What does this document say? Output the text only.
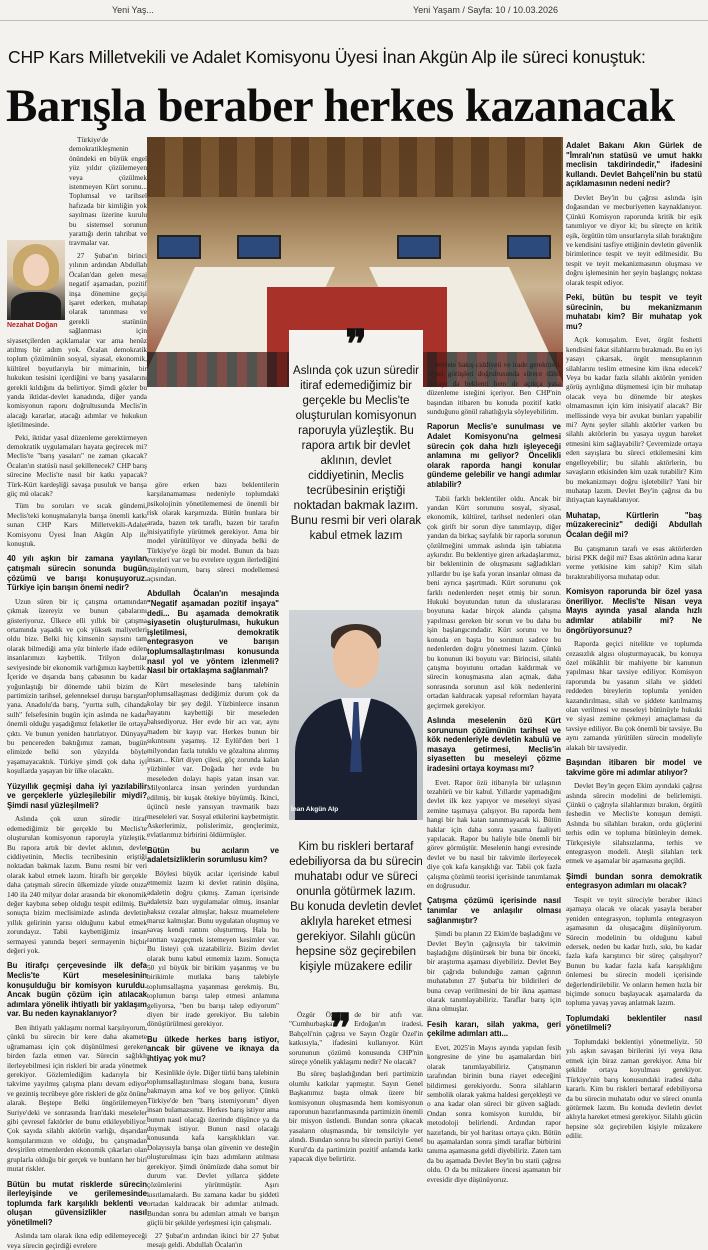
Yeni Yaş...	Yeni Yaşam / Sayfa: 10 / 10.03.2026
CHP Kars Milletvekili ve Adalet Komisyonu Üyesi İnan Akgün Alp ile süreci konuştuk:
Barışla beraber herkes kazanacak
Nezahat Doğan

Türkiye'de demokratikleşmenin önündeki en büyük engel yüz yıldır çözülemeyen veya çözülmek istenmeyen Kürt sorunu... Toplumsal ve tarihsel hafızada bir kimliğin yok sayılması üzerine kurulu bu sistemsel sorunun yarattığı derin tahribat ve travmalar var.

27 Şubat'ın birinci yılının ardından Abdullah Öcalan'dan gelen mesaj negatif aşamadan, pozitif inşa dönemine geçişi işaret ederken, muhatap olarak tanınması ve gerekli statünün sağlanması için siyasetçilerden açıklamalar var ama henüz atılmış bir adım yok. Öcalan demokratik toplum çözümünün sosyal, siyasal, ekonomik, kültürel boyutlarıyla bir mimarinin, bir hukukun tesisini içerdiğini ve barış yasalarını gerekli kıldığını da belirtiyor. Şimdi gözler bu yanda iktidar-devlet kanadında, diğer yanda komisyonun raporu doğrultusunda Meclis'in alacağı kararlar, atacağı adımlar ve hukukun işletilmesinde.

Peki, iktidar yasal düzenleme gerektirmeyen demokratik uygulamaları hayata geçirecek mi? Meclis'te "barış yasaları" ne zaman çıkacak? Öcalan'ın statüsü nasıl şekillenecek? CHP barış sürecine Meclis'te nasıl bir katkı yapacak? Türk-Kürt kardeşliği savaşa pusuluk ve barışa güç mü olacak?

Tüm bu soruları ve sıcak gündemi, Meclis'teki konuşmalarıyla barışa önemli katkı sunan CHP Kars Milletvekili-Adalet Komisyonu Üyesi İnan Akgün Alp ile konuştuk.

40 yılı aşkın bir zamana yayılan çatışmalı sürecin sonunda bugün çözümü ve barışı konuşuyoruz. Türkiye için barışın önemi nedir?

Uzun süren bir iç çatışma ortamından çıkmak üzereyiz ve bunun çabalarını gösteriyoruz. Ülkece elli yıllık bir çatışma ortamında yaşadık ve çok yüksek maliyetleri oldu bize. Belki hiç kimsenin sayısını tam olarak bilmediği ama yüz binlerle ifade edilen insanlarımızı kaybettik. Trilyon dolar seviyesinde bir ekonomik varlığımızı kaybettik. İçeride ve dışarıda barış çabasının bu kadar yoğunlaştığı bir dönemde tabii bizim de partimizin tarihsel, gelenneksel duruşu barıştan yana. Anadolu'da barış, "yurtta sulh, cihanda sulh" felsefesinin bugün için aslında ne kadar önemli olduğu yaşadığımız felaketler ile ortaya çıktı. Ve bunun yeniden hatırlatıyor. Dünyaya bu pencereden baktığımız zaman, bugün elimizde belki son yüzyılda böyle yaşamayacaktık. Türkiye şimdi çok daha iyi koşullarda yaşayan bir ülke olacaktı.

Yüzyıllık geçmişi daha iyi yazılabilir ve gerçeklerle yüzleşilebilir miydi? Şimdi nasıl yüzleşilmeli?

Aslında çok uzun süredir itiraf edemediğimiz bir gerçekle bu Meclis'te oluşturulan komisyonun raporuyla yüzleştik. Bu rapora artık bir devlet aklının, devlet ciddiyetinin, Meclis tecrübesinin eriştiği noktadan bakmak lazım. Bunu resmi bir veri olarak kabul etmek lazım. İtiraflı bir gerçekle daha çatışmalı sürecin ülkemizde yüzde otuza 140 ila 240 milyar dolar arasında bir ekonomik değer kaybına sebep olduğu tespit edilmiş. Bu sonuçta bizim meclisimizde aslında devletin yıllık gelirinin yarısı olduğunu kabul etmek zorundayız. Tabii kaybettiğimiz insan sermayesi yanında beşeri sermayenin hiçbir değeri yok.

Bu itirafçı çerçevesinde ilk defa Meclis'te Kürt meselesinin konuşulduğu bir komisyon kuruldu. Ancak bugün çözüm için atılacak adımlara yönelik ihtiyatlı bir yaklaşım var. Bu neden kaynaklanıyor?

Ben ihtiyatlı yaklaşımı normal karşılıyorum, çünkü bu sürecin bir kere daha akamete uğramaması için çok düşünülmesi gereken birden fazla etmen var. Sürecin sağlıklı ilerleyebilmesi için riskleri bir arada yönetmek gerekiyor. Gözlemlediğim kadarıyla bir takvime yayılmış çalışma planı devam ediyor ve gezintiş tecrübeye göre riskleri de göz önüne alarak. Beştepe Belki öngörülemeyen Suriye'deki ve sonrasında İran'daki meseleler gibi çevresel faktörler de bunu etkileyebiliyor. Çok sayıda silahlı aktörün varlığı, dışarıdan komşularımızın ve olduğu, bu çatışmadan devşirilen etmenlerden ekonomik çıkarları olan gruplarla olduğu bir gerçek ve bunların her biri mutat riskler.

Bütün bu mutat risklerde sürecin ilerleyişinde ve gerilemesinde toplumda fark karşılıklı beklenti ve oluşan güvensizlikler nasıl yönetilmeli?

Aslında tam olarak ikna edip edilemeyeceği veya sürecin geçirdiği evrelere

göre erken bazı beklentilerin karşılanamaması nedeniyle toplumdaki psikolojinin yönetilememesi de önemli bir risk olarak karşımızda. Bütün bunlara bir arada, bazen tek taraflı, bazen bir tarafın inisiyatifiyle yürütmek gerekiyor. Ama bir model yürütülüyor ve dünyada belki de Türkiye'ye özgü bir model. Bunun da bazı evreleri var ve bu evrelere uygun ilerlediğini düşünüyorum, barış süreci modellemesi açısından.

Abdullah Öcalan'ın mesajında "Negatif aşamadan pozitif inşaya" dedi... Bu aşamada demokratik siyasetin oluşturulması, hukukun işletilmesi, demokratik entegrasyon ve barışın toplumsallaştırılması konusunda nasıl yol ve yöntem izlenmeli? Nasıl bir ortaklaşma sağlanmalı?

Kürt meselesinde barış talebinin toplumsallaşması dediğimiz durum çok da kolay bir şey değil. Yüzbinlerce insanın hayatını kaybettiği bir meseleden bahsediyoruz. Her evde bir acı var, aynı madem bir kayıp var. Herkes bunun bir sıkıntısını yaşamış. 12 Eylül'den beri 1 milyondan fazla tutuklu ve gözaltına alınmış insan... Kürt diyen çilesi, göç zorunda kalan yüzbinler var. Doğada her evde bu meseleden dolayı hapis yatan insan var. Milyonlarca insan yerinden yurdundan edilmiş, bir kuşak ötekiye büyümüş. İkinci, üçüncü nesle yansıyan travmatik bazı meseleleri var. Sosyal etkilerini kaybetmiştir. Askerlerimiz, polislerimiz, gençlerimiz, evlatlarımız birbirini öldürmüşler.

Bütün bu acıların ve adaletsizliklerin sorumlusu kim?

Böylesi büyük acılar içerisinde kabul etmemiz lazım ki devlet ratinin düşüna, adaletin doğru çıkmış. Zaman içerisinde adaletsiz bazı uygulamalar olmuş, insanlar haksız cezalar almışlar, haksız muamelelere maruz kalmışlar. Bunu uygulatan oluşmuş ve savaş kendi rantını oluşturmuş. Hala bu ranttan vazgeçmek istemeyen kesimler var. Bu listeyi çok uzatabiliriz. Bizim devlet olarak bunu kabul etmemiz lazım. Sonuçta 50 yıl büyük bir birikim yaşanmış ve bu birikimle mutlaka barış talebiyle toplumsallaşma yaşanması gerekmiş. Bu, toplumun barışı talep etmesi anlamına geliyorsa, "ben bu barışı talep ediyorum" diyen bir irade gerekiyor. Bu talebin dönüştürülmesi gerekiyor.

Bu ülkede herkes barış istiyor, ancak bir güvene ve iknaya da ihtiyaç yok mu?

Kesinlikle öyle. Diğer türlü barış talebinin toplumsallaştırılması sloganı bana, kusura bakmayın ama kof ve boş geliyor. Çünkü Türkiye'de ben "barış istemiyorum" diyen insan bulamazsınız. Herkes barış istiyor ama bunun nasıl olacağı üzerinde düşünce ya da duymak istiyor. Bunun nasıl olacağı konusunda kafa karışıklıkları var. Dolayısıyla barışa olan güvenin ve desteğin oluşturulması için bazı adımların atılması gerekiyor. Şimdi önümüzde daha somut bir durum var. Devlet yıllarca şiddete çözümlerini yürütmüştür. Aşırı kısıtlamalardı. Bu zamana kadar bu şiddeti ortadan kaldıracak bir adımlar atılmadı. Bundan sonra bu adımları atmalı ve barışın güçlü bir şekilde yerleşmesi için çalışmalı.

27 Şubat'ın ardından ikinci bir 27 Şubat mesajı geldi. Abdullah Öcalan'ın

❞
Aslında çok uzun süredir itiraf edemediğimiz bir gerçekle bu Meclis'te oluşturulan komisyonun raporuyla yüzleştik. Bu rapora artık bir devlet aklının, devlet ciddiyetinin, Meclis tecrübesinin eriştiği noktadan bakmak lazım. Bunu resmi bir veri olarak kabul etmek lazım
İnan Akgün Alp
Kim bu riskleri bertaraf edebiliyorsa da bu sürecin muhatabı odur ve süreci onunla götürmek lazım. Bu konuda devletin devlet aklıyla hareket etmesi gerekiyor. Silahlı gücün hepsine söz geçirebilen kişiyle müzakere edilir
❞

devlete bakış ciddiyeti ve irade gerektiren, siyasi görüşleri doğrultusunda sürece dâhil olmayı da beklenti hem de açıkça yasa düzenleme isteğini içeriyor. Ben CHP'nin başından itibaren bu konuda pozitif katkı sunduğunu gönül rahatlığıyla söyleyebilirim.

Raporun Meclis'e sunulması ve Adalet Komisyonu'na gelmesi sürecin çok daha hızlı işleyeceği anlamına mı geliyor? Öncelikli olarak raporda hangi konular gündeme gelebilir ve hangi adımlar atılabilir?

Tabii farklı beklentiler oldu. Ancak bir yandan Kürt sorununu sosyal, siyasal, ekonomik, kültürel, tarihsel nedenleri olan çok girift bir sorun diye tanımlayıp, diğer yandan da birkaç sayfalık bir raporla sorunun çözülmeğini ummak aslında işin tabiatına aykırıdır. Bu beklentiye giren arkadaşlarımız, bir beklentinin de oluşmasını sağladıkları yıllardır bu işe kafa yoran insanlar olması da beni ayrıca şaşırtmadı. Kürt sorununu çok farklı nedenlerden neşet etmiş bir sorun. Hukuki boyutundan tutun da uluslararası boyutuna kadar birçok alanda çalışma yapılması gereken bir sorun ve bu daha bu işin başlangıcındadır. Kürt sorunu ve bu konuda en başta bu sorunun sadece bu nedenlerden doğru yönetmesi lazım. Çünkü bu konunun iki boyutu var: Birincisi, silahlı çatışma boyutunu ortadan kaldırmak ve sürecin konuşmasına alan açmak, daha sonrasında sorunun asıl kök nedenlerini ortadan kaldıracak yapısal reformları hayata geçirmek gerekiyor.

Aslında meselenin özü Kürt sorununun çözümünün tarihsel ve kök nedenleriyle devletin kabulü ve masaya getirmesi, Meclis'in siyasetten bu meseleyi çözme iradesini ortaya koyması mı?

Evet. Rapor özü itibarıyla bir uzlaşının tezahürü ve bir kabul. Yıllardır yapmadığını devlet ilk kez yapıyor ve meseleyi siyasi zemine taşımaya çalışıyor. Bu raporda hem hangi bir hak katan tanınmayacak ki. Bütün haklar için daha sonra yasama faaliyeti yapılacak. Rapor bu haliyle bile önemli bir görev görmüştür. Meselenin hangi evresinde devlet ve bu nasıl bir takvimle ilerleyecek diye çok kafa karışıklığı var. Tabii çok fazla çalışma çözümü teorisi içerisinde tanımlamak en doğrusudur.

Çatışma çözümü içerisinde nasıl tanımlar ve anlaşılır olması sağlanmıştır?

Şimdi bu planın 22 Ekim'de başladığını ve Devlet Bey'in çağrısıyla bir takvimin başladığını düşünürsek bir buna bir önceki, bir araştırma aşaması diyebiliriz. Devlet Bey bir çağrıda bulunduğu zaman çağrının muhatabının 27 Şubat'ta bir bildirileri de buna cevap verilmesini de bir ikna aşaması olarak tanımlayabiliriz. Taraflar barış için ikna olmuşlar.

Fesih kararı, silah yakma, geri çekilme adımları attı...

Evet, 2025'in Mayıs ayında yapılan fesih kongresine de yine bu aşamalardan biri olarak tanımlayabiliriz. Çatışmanın tarafından birinin buna riayet edeceğini bildirmesi gerekiyordu. Sonra silahların sembolik olarak yakma haldesi gerçekleşti ve o ana kadar olan süreci bir güven sağladı. Ondan sonra komisyon kuruldu, bir metodoloji belirlendi. Ardından rapor hazırlandı, bir yol haritası ortaya çıktı. Bütün bu aşamalardan sonra şimdi taraflar birbirini tanıma aşamasına geldi diyebiliriz. Zaten tam da bu aşamada Devlet Bey'in bu statü çağrısı oldu. O da bu müzakere öncesi aşamanın bir evresidir diye düşünüyoruz.

Özgür Özel'e de bir atıfı var. "Cumhurbaşkanı Erdoğan'ın iradesi, Bahçeli'nin çağrısı ve Sayın Özgür Özel'in katkısıyla," ifadesini kullanıyor. Kürt sorununun çözümü konusunda CHP'nin süreçe yönelik yaklaşımı nedir? Ne olacak?

Bu süreç başladığından beri partimizin olumlu katkılar yapmıştır. Sayın Genel Başkanımız başta olmak üzere bir komisyonun oluşmasında hem komisyonun raporunun hazırlanmasında partimizin önemli bir misyon üstlendi. Bundan sonra çıkacak yasaların oluşmasında, bir temsilciyle yer alındı. Bundan sonra bu sürecin partiyi Genel Kurul'da da partimizin pozitif anlamda katkı yapacak diye belirtiriz.

Adalet Bakanı Akın Gürlek de "İmralı'nın statüsü ve umut hakkı meclisin takdirindedir," ifadesini kullandı. Devlet Bahçeli'nin bu statü açıklamasının nedeni nedir?

Devlet Bey'in bu çağrısı aslında işin doğasından ve mecburiyetten kaynaklanıyor. Çünkü Komisyon raporunda kritik bir eşik tanımlıyor ve diyor ki; bu süreçte en kritik eşik, örgütün tüm unsurlarıyla silah bıraktığını ve kendisini tasfiye ettiğinin devletin güvenlik birimlerince tespit ve teyit edilmesidir. Bu tespit ve teyit mekanizmasının oluşması ve doğru işlemesinin her şeyin başlangıç noktası olarak tespit ediyor.

Peki, bütün bu tespit ve teyit sürecinin, bu mekanizmanın muhatabı kim? Bir muhatap yok mu?

Açık konuşalım. Evet, örgüt feshetti kendisini fakat silahlarını bırakmadı. Bu en iyi yasayı çıkarsak, örgüt mensuplarının silahlarını teslim etmesine kim ikna edecek? Veya bu kadar fazla silahlı aktörün yeniden görüş ayrılığına düşmemesi için bir muhatap olacak veya bu dönemde bir ateşkes olmamasının için kim inisiyatif alacak? Bir mellissinde veya bir avukat bunları yapabilir mi? Aynı şeyler silahlı aktörler varken bu silahlı aktörlerin bu yasaya uygun hareket etmesini kim sağlayabilir? Çevremizde ortaya eden sayışlara bu süreci etkilemesini kim engelleyebilir; bu silahlı aktörlerin, bu savaşların etkisinden kim uzak tutabilir? Kim bu mekanizmayı doğru işletebilir? Yani bir muhatap lazım. Devlet Bey'in çağrısı da bu ihtiyaçtan kaynaklanıyor.

Muhatap, Kürtlerin "baş müzakereciniz" dediği Abdullah Öcalan değil mi?

Bu çatışmanın tarafı ve esas aktörlerden birisi PKK değil mi? Esas aktörün adına karar verme yetkisine kim sahip? Kim silah bıraktırabiliyorsa muhatap odur.

Komisyon raporunda bir özel yasa öneriliyor. Meclis'te Nisan veya Mayıs ayında yasal alanda hızlı adımlar atılabilir mi? Ne öngörüyorsunuz?

Raporda geçici nitelikte ve toplumda cezasızlık algısı oluşturmayacak, bu konuya özel mükâhlit bir mahiyette bir kanunun yapılması hkar tavsiye ediliyor. Komisyon raporunda bu yasanın silahı ve şiddeti reddeden bireylerin toplumla yeniden kazandırılması, silah ve şiddete katılmamış olan verilmesi ve meseleyi bütünüyle hukuki ve siyasi zemine çekmeyi amaçlaması da tavsiye ediliyor. Bu çok önemli bir tavsiye. Bu aynı zamanda yürütülen sürecin modeliyle alakalı bir tavsiyedir.

Başından itibaren bir model ve takvime göre mi adımlar atılıyor?

Devlet Bey'in geçen Ekim ayındaki çağrısı aslında sürecin modelini de belirlemişti. Çünkü o çağrıyla silahlarınızı bırakın, örgütü feshedin ve Meclis'te konuşun demişti. Aslında bu silahları bırakın, ordu güçlerini terhis edin ve topluma bütünleyin demek. Türkçesiyle silahsızlanma, terhis ve entegrasyon modeli. Ateşli silahları terk etmek ve aşamalar bir aşamasına geçildi.

Şimdi bundan sonra demokratik entegrasyon adımları mı olacak?

Tespit ve teyit süreciyle beraber ikinci aşamaya olacak ve olacak yasayla beraber yeniden entegrasyon, toplumla entegrasyon aşamasının da oluşacağını düşünüyorum. Sürecin modelinin bu olduğunu kabul edersek, neden bu kadar hızlı, sıkı, bu kadar fazla kafa karıştırıcı bir süreç çalışılıyor? Bunun bu kadar fazla kafa karışıklığını önlemesi bu sürecin modeli içerisinde değerlendirilebilir. Ve onların hemen hızla bir biçimde sonucu başlayacak aşamalarda da topluma yavaş yavaş anlatmak lazım.

Toplumdaki beklentiler nasıl yönetilmeli?

Toplumdaki beklentiyi yönetmeliyiz. 50 yılı aşkın savaşan birilerini iyi veya ikna etmek için biraz zaman gerekiyor. Ama bir şekilde ortaya koyulması gerekiyor. Türkiye'nin barış konusundaki iradesi daha kararlı. Kim bu riskleri bertaraf edebiliyorsa da bu sürecin muhatabı odur ve süreci onunla götürmek lazım. Bu konuda devletin devlet aklıyla hareket etmesi gerekiyor. Silahlı gücün hepsine söz geçirebilen kişiyle müzakere edilir.
